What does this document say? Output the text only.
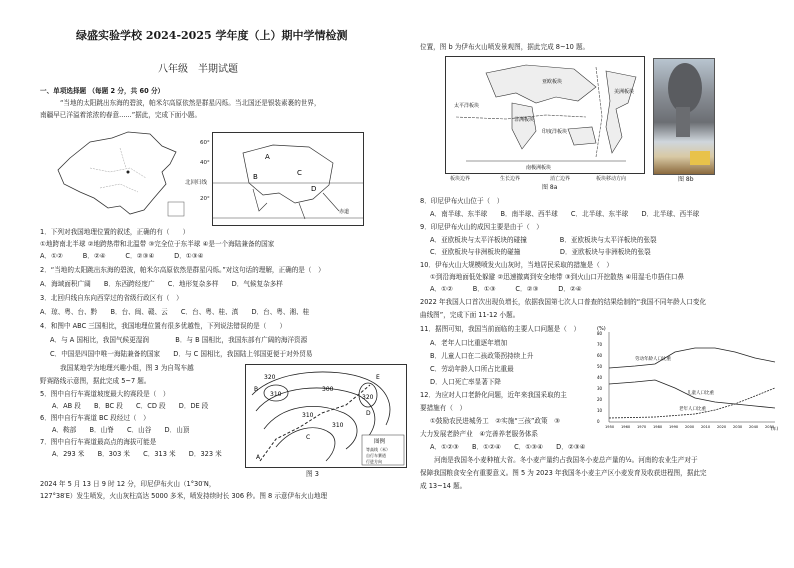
绿盛实验学校 2024-2025 学年度（上）期中学情检测
八年级　半期试题
一、单项选择题 （每题 2 分，共 60 分）
“当地的太阳跳出东海的碧波，帕米尔高原依然是群星闪烁。当北国还是银装素裹的世界，
南疆早已洋溢着浓浓的春意......”据此，完成下面小题。
A
B	C
D
赤道
60°
40°
20°
北回归线
1．下列对我国地理位置的叙述，正确的有（　　）
①地跨南北半球 ②地跨热带和北温带 ③完全位于东半球 ④是一个海陆兼备的国家
A．①②　　　B．②④　　　C．②③④　　　D．①③④
2．“当地的太阳跳出东海的碧波，帕米尔高原依然是群星闪烁。”对这句话的理解，正确的是（　）
A．海域面积广阔　　B．东西跨经度广　　C．地形复杂多样　　D．气候复杂多样
3．北回归线自东向西穿过的省级行政区有（　）
A．琼、粤、台、黔　　B．台、闽、赣、云　　C．台、粤、桂、滇　　D．台、粤、湘、桂
4．和图中 ABC 三国相比，我国地理位置有很多优越性，下列说法错误的是（　　）
A．与 A 国相比，我国气候更湿润　　　　B．与 B 国相比，我国东部有广阔的海洋资源
C．中国是四国中唯一海陆兼备的国家　　D．与 C 国相比，我国陆上邻国更便于对外贸易
我国某地学为地理兴趣小组，图 3 为自驾车越
野赛路线示意图，据此完成 5~7 题。
5．图中自行车赛道坡度最大的赛段是（　）
A．AB 段　　B．BC 段　　C．CD 段　　D．DE 段
6．图中自行车赛道 BC 段经过（　）
A．鞍部　　B．山脊　　C．山谷　　D．山顶
7．图中自行车赛道最高点的海拔可能是
A．293 米　　B．303 米　　C．313 米　　D．323 米
320
310
300
310
320
310
B
A
C
D
E
图例
等高线（米）
自行车赛道
行进方向
图 3
2024 年 5 月 13 日 9 时 12 分，印尼伊布火山（1°30′N，
127°38′E）发生喷发，火山灰柱高达 5000 多米，喷发持续时长 306 秒。图 8 示意伊布火山地理
位置，图 b 为伊布火山喷发景观图，据此完成 8~10 题。
亚欧板块
非洲板块
印度洋板块
太平洋板块
美洲板块
南极洲板块
板块边界	生长边界	消亡边界	板块移动方向
图 8a
图 8b
8．印尼伊布火山位于（　）
A．南半球、东半球　　B．南半球、西半球　　C．北半球、东半球　　D．北半球、西半球
9．印尼伊布火山的成因主要是由于（　）
A．亚欧板块与太平洋板块的碰撞　　　　　B．亚欧板块与太平洋板块的张裂
C．亚欧板块与非洲板块的碰撞　　　　　　D．亚欧板块与非洲板块的张裂
10．伊布火山大规模喷发火山灰时，当地居民采取的措施是（　）
①到沿海地面低处躲避 ②迅速撤离到安全地带 ③到火山口开挖散热 ④用湿毛巾捂住口鼻
A．①②　　　B．①③　　　C．②③　　　D．②④
2022 年我国人口首次出现负增长，依据我国第七次人口普查的结果绘制的“我国不同年龄人口变化
曲线图”，完成下面 11-12 小题。
11．据图可知，我国当前面临的主要人口问题是（　）
A．老年人口比重逐年增加
B．儿童人口在二孩政策拐持续上升
C．劳动年龄人口所占比重最
D．人口死亡率显著下降
12．为应对人口老龄化问题，近年来我国采取的主
要措施有（　）
①鼓励农民进城务工　②实施“三孩”政策　③
大力发展老龄产业　④完善养老服务体系
A．①②③　　B．①②④　　C．①③④　　D．②③④
(%)
80
70
60
50
40
30
20
10
0
1950 1960 1970 1980 1990 2000 2010 2020 2030 2040 2050
劳动年龄人口比重
儿童人口比重
老年人口比重
(年)
河南是我国冬小麦种植大省。冬小麦产量约占我国冬小麦总产量的½。河南的农业生产对于
保障我国粮食安全有重要意义。图 5 为 2023 年我国冬小麦主产区小麦发育及收获进程图，据此完
成 13~14 题。
